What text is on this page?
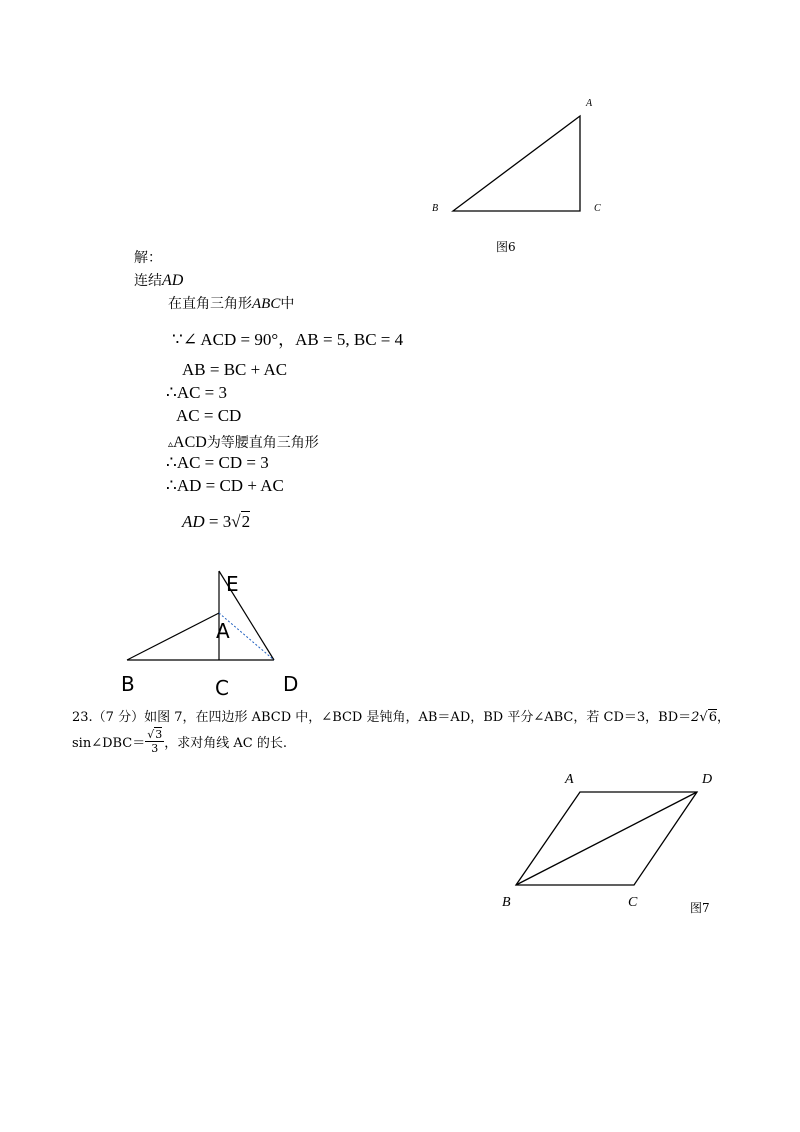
A
B	C
图6
解：
连结AD
在直角三角形ABC中
∵∠ ACD = 90°，AB = 5, BC = 4
AB = BC + AC
∴AC = 3
AC = CD
▵ACD为等腰直角三角形
∴AC = CD = 3
∴AD = CD + AC
AD = 3√2
E
A
B	C	D
23.（7 分）如图 7，在四边形 ABCD 中，∠BCD 是钝角，AB＝AD，BD 平分∠ABC，若 CD＝3，BD＝2√6，
sin∠DBC＝ $\frac{√3}{3}$ ，求对角线 AC 的长.
A	D
B	C	图7
